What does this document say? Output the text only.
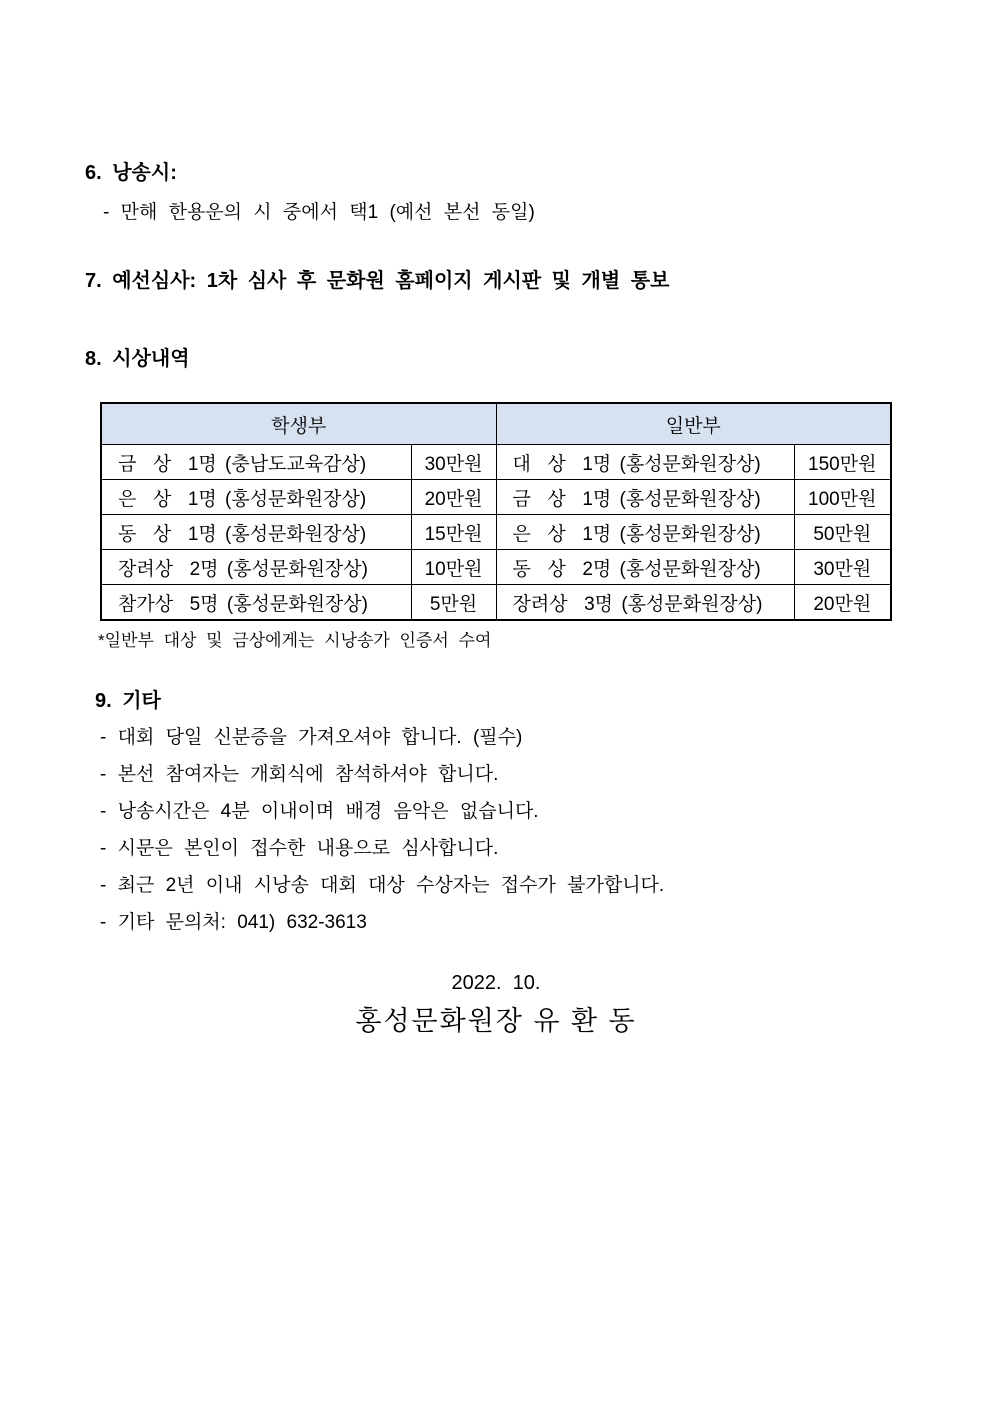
6. 낭송시:
- 만해 한용운의 시 중에서 택1 (예선 본선 동일)
7. 예선심사: 1차 심사 후 문화원 홈페이지 게시판 및 개별 통보
8. 시상내역
학생부		일반부	
금  상  1명 (충남도교육감상)	30만원	대  상  1명 (홍성문화원장상)	150만원
은  상  1명 (홍성문화원장상)	20만원	금  상  1명 (홍성문화원장상)	100만원
동  상  1명 (홍성문화원장상)	15만원	은  상  1명 (홍성문화원장상)	50만원
장려상  2명 (홍성문화원장상)	10만원	동  상  2명 (홍성문화원장상)	30만원
참가상  5명 (홍성문화원장상)	5만원	장려상  3명 (홍성문화원장상)	20만원
*일반부 대상 및 금상에게는 시낭송가 인증서 수여
9. 기타
- 대회 당일 신분증을 가져오셔야 합니다. (필수)
- 본선 참여자는 개회식에 참석하셔야 합니다.
- 낭송시간은 4분 이내이며 배경 음악은 없습니다.
- 시문은 본인이 접수한 내용으로 심사합니다.
- 최근 2년 이내 시낭송 대회 대상 수상자는 접수가 불가합니다.
- 기타 문의처: 041) 632-3613
2022.  10.
홍성문화원장 유 환 동
